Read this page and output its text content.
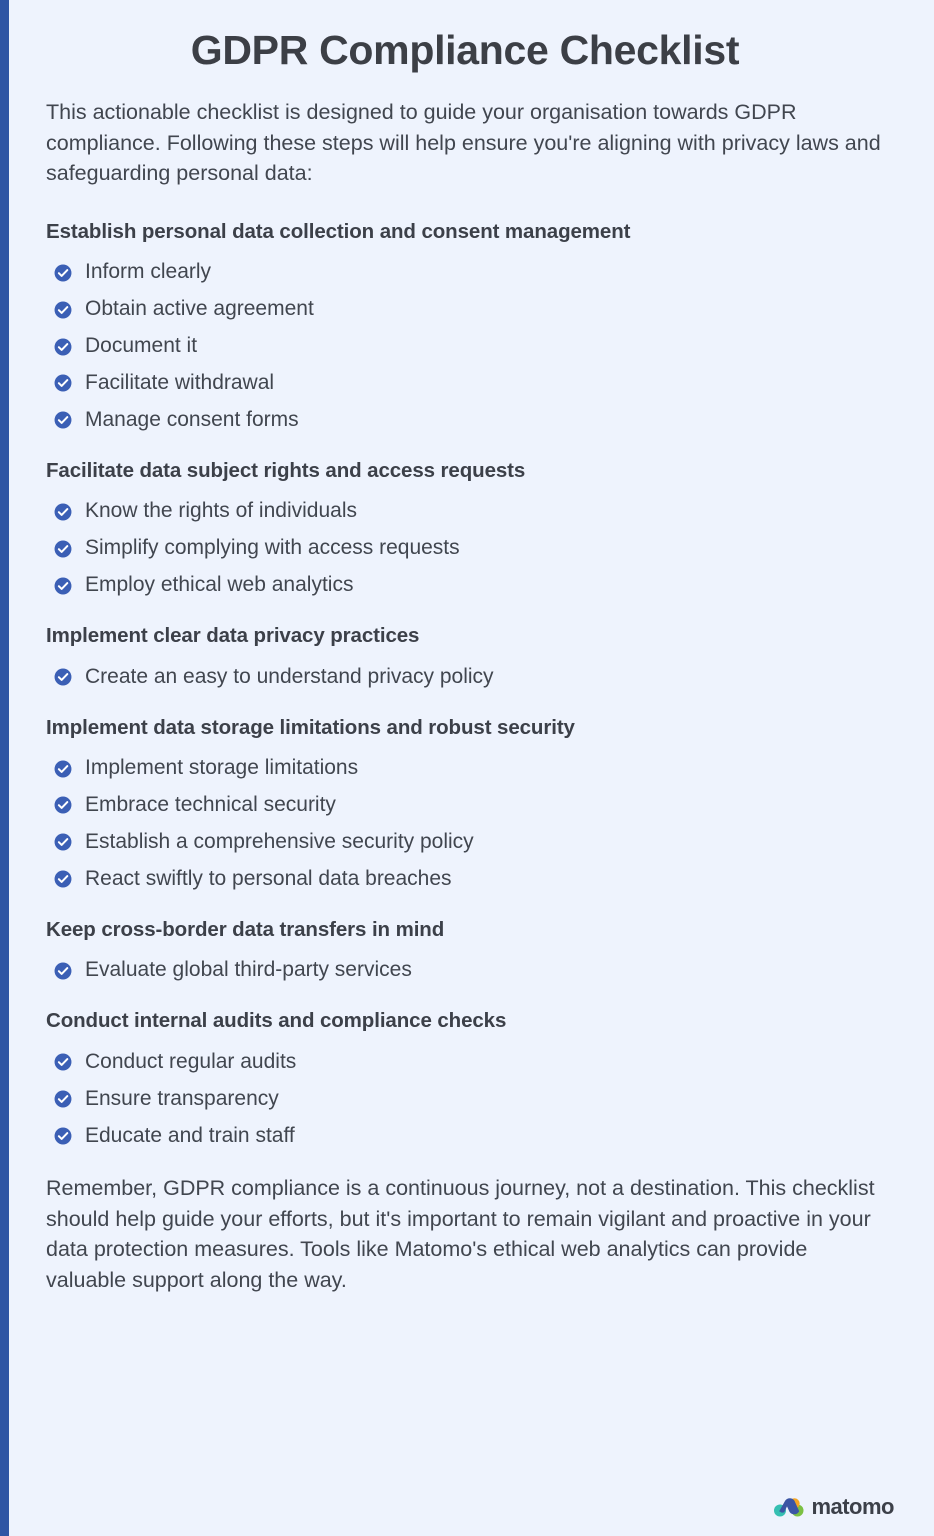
GDPR Compliance Checklist

This actionable checklist is designed to guide your organisation towards GDPR compliance. Following these steps will help ensure you're aligning with privacy laws and safeguarding personal data:

Establish personal data collection and consent management
Inform clearly
Obtain active agreement
Document it
Facilitate withdrawal
Manage consent forms
Facilitate data subject rights and access requests
Know the rights of individuals
Simplify complying with access requests
Employ ethical web analytics
Implement clear data privacy practices
Create an easy to understand privacy policy
Implement data storage limitations and robust security
Implement storage limitations
Embrace technical security
Establish a comprehensive security policy
React swiftly to personal data breaches
Keep cross-border data transfers in mind
Evaluate global third-party services
Conduct internal audits and compliance checks
Conduct regular audits
Ensure transparency
Educate and train staff

Remember, GDPR compliance is a continuous journey, not a destination. This checklist should help guide your efforts, but it's important to remain vigilant and proactive in your data protection measures. Tools like Matomo's ethical web analytics can provide valuable support along the way.

matomo
